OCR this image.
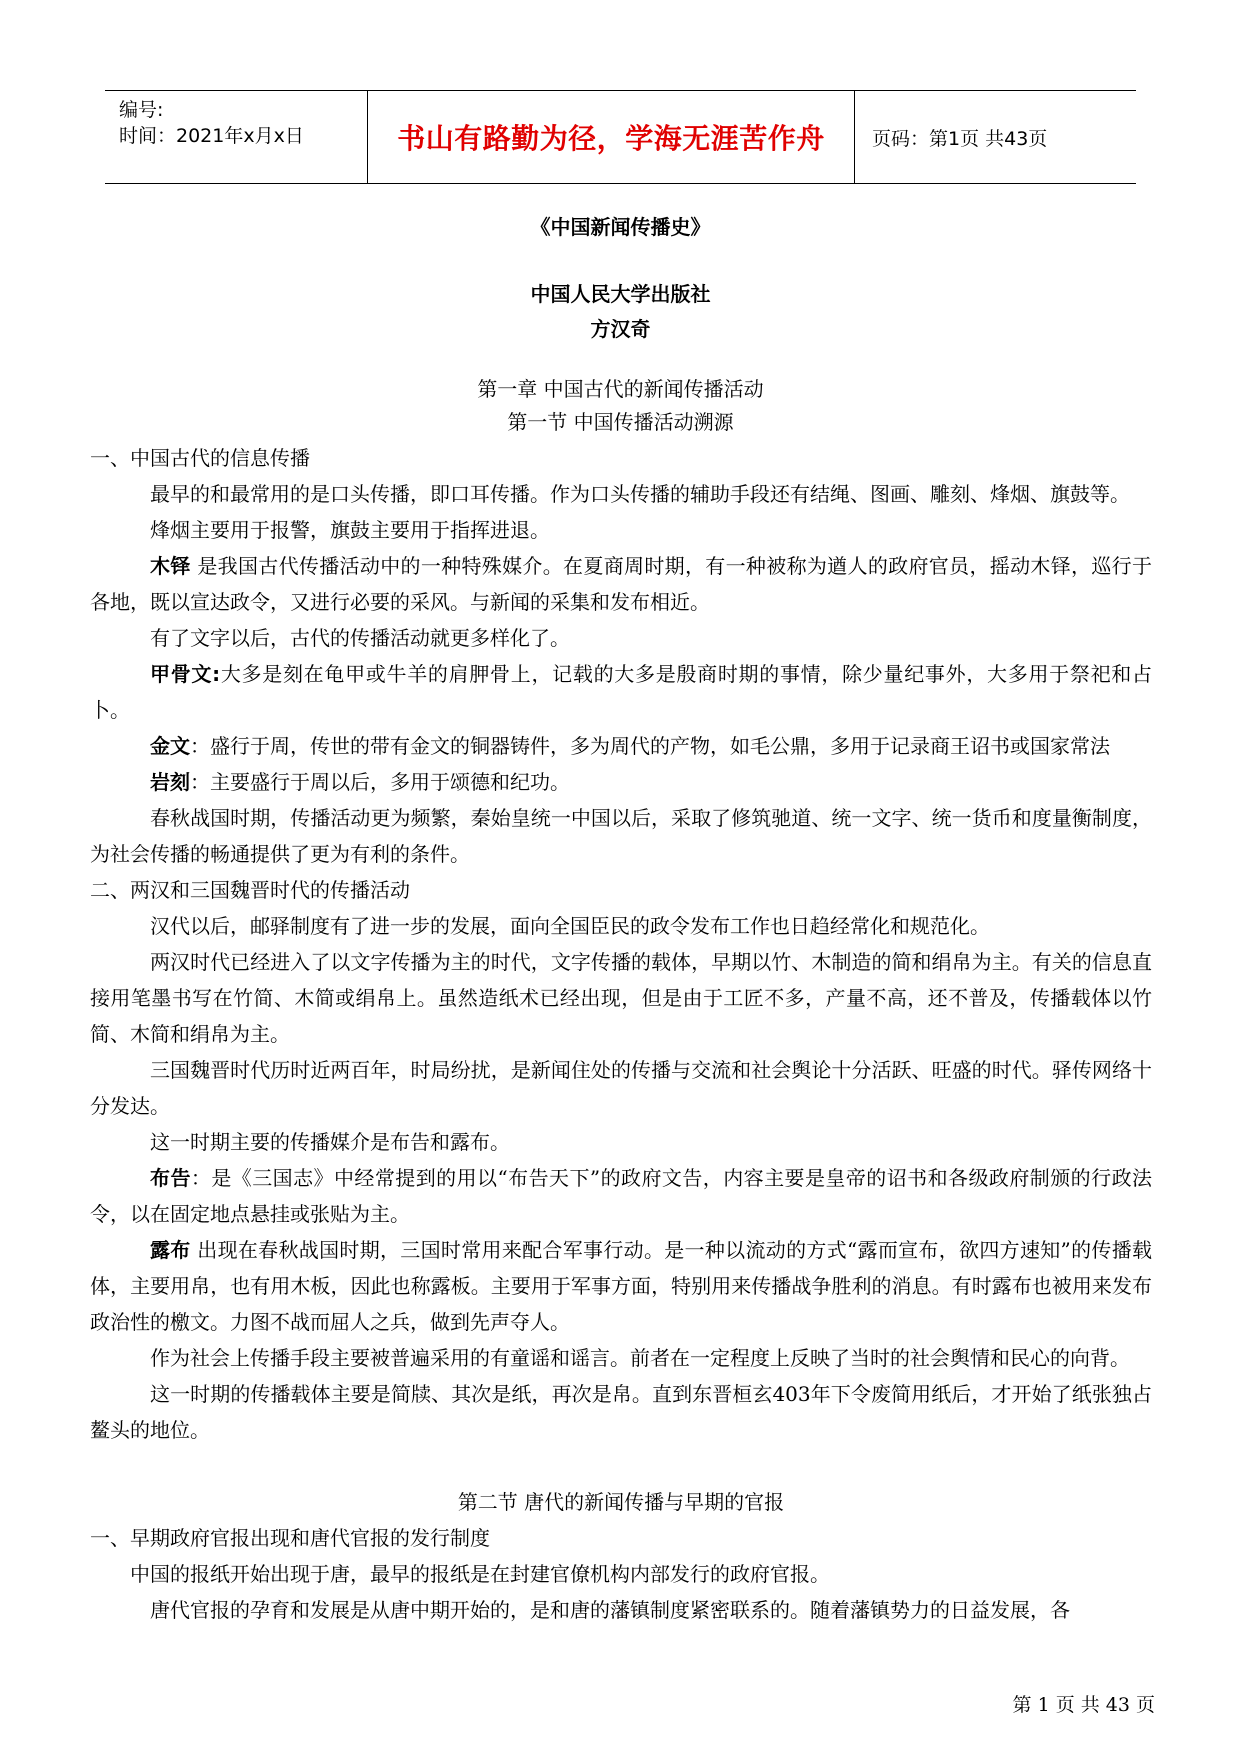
编号:
时间：2021年x月x日	书山有路勤为径，学海无涯苦作舟 页码：第1页 共43页
《中国新闻传播史》
中国人民大学出版社
方汉奇
第一章 中国古代的新闻传播活动
第一节 中国传播活动溯源

一、中国古代的信息传播

最早的和最常用的是口头传播，即口耳传播。作为口头传播的辅助手段还有结绳、图画、雕刻、烽烟、旗鼓等。

烽烟主要用于报警，旗鼓主要用于指挥进退。

木铎 是我国古代传播活动中的一种特殊媒介。在夏商周时期，有一种被称为遒人的政府官员，摇动木铎，巡行于各地，既以宣达政令，又进行必要的采风。与新闻的采集和发布相近。

有了文字以后，古代的传播活动就更多样化了。

甲骨文:大多是刻在龟甲或牛羊的肩胛骨上，记载的大多是殷商时期的事情，除少量纪事外，大多用于祭祀和占卜。

金文：盛行于周，传世的带有金文的铜器铸件，多为周代的产物，如毛公鼎，多用于记录商王诏书或国家常法

岩刻：主要盛行于周以后，多用于颂德和纪功。

春秋战国时期，传播活动更为频繁，秦始皇统一中国以后，采取了修筑驰道、统一文字、统一货币和度量衡制度，为社会传播的畅通提供了更为有利的条件。

二、两汉和三国魏晋时代的传播活动

汉代以后，邮驿制度有了进一步的发展，面向全国臣民的政令发布工作也日趋经常化和规范化。

两汉时代已经进入了以文字传播为主的时代，文字传播的载体，早期以竹、木制造的简和绢帛为主。有关的信息直接用笔墨书写在竹简、木简或绢帛上。虽然造纸术已经出现，但是由于工匠不多，产量不高，还不普及，传播载体以竹简、木简和绢帛为主。

三国魏晋时代历时近两百年，时局纷扰，是新闻住处的传播与交流和社会舆论十分活跃、旺盛的时代。驿传网络十分发达。

这一时期主要的传播媒介是布告和露布。

布告：是《三国志》中经常提到的用以“布告天下”的政府文告，内容主要是皇帝的诏书和各级政府制颁的行政法令，以在固定地点悬挂或张贴为主。

露布 出现在春秋战国时期，三国时常用来配合军事行动。是一种以流动的方式“露而宣布，欲四方速知”的传播载体，主要用帛，也有用木板，因此也称露板。主要用于军事方面，特别用来传播战争胜利的消息。有时露布也被用来发布政治性的檄文。力图不战而屈人之兵，做到先声夺人。

作为社会上传播手段主要被普遍采用的有童谣和谣言。前者在一定程度上反映了当时的社会舆情和民心的向背。

这一时期的传播载体主要是简牍、其次是纸，再次是帛。直到东晋桓玄403年下令废简用纸后，才开始了纸张独占鳌头的地位。

第二节 唐代的新闻传播与早期的官报

一、早期政府官报出现和唐代官报的发行制度

中国的报纸开始出现于唐，最早的报纸是在封建官僚机构内部发行的政府官报。

唐代官报的孕育和发展是从唐中期开始的，是和唐的藩镇制度紧密联系的。随着藩镇势力的日益发展，各

第 1 页 共 43 页
